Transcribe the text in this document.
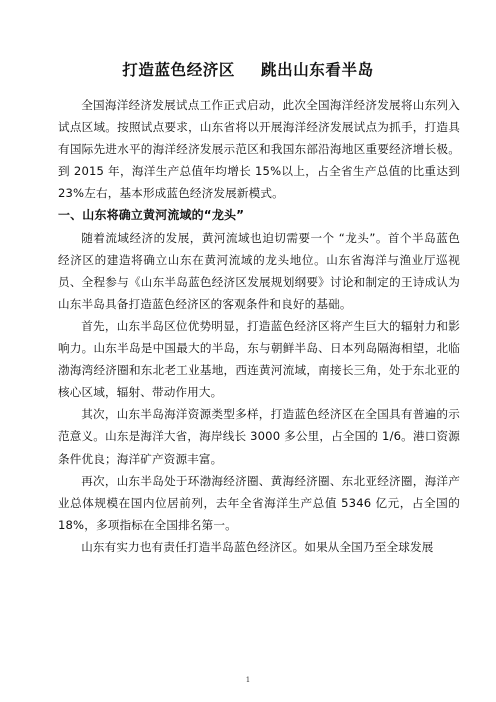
打造蓝色经济区 跳出山东看半岛

全国海洋经济发展试点工作正式启动，此次全国海洋经济发展将山东列入试点区域。按照试点要求，山东省将以开展海洋经济发展试点为抓手，打造具有国际先进水平的海洋经济发展示范区和我国东部沿海地区重要经济增长极。到 2015 年，海洋生产总值年均增长 15%以上，占全省生产总值的比重达到 23%左右，基本形成蓝色经济发展新模式。

一、山东将确立黄河流域的“龙头”

随着流域经济的发展，黄河流域也迫切需要一个 “龙头”。首个半岛蓝色经济区的建造将确立山东在黄河流域的龙头地位。山东省海洋与渔业厅巡视员、全程参与《山东半岛蓝色经济区发展规划纲要》讨论和制定的王诗成认为山东半岛具备打造蓝色经济区的客观条件和良好的基础。

首先，山东半岛区位优势明显，打造蓝色经济区将产生巨大的辐射力和影响力。山东半岛是中国最大的半岛，东与朝鲜半岛、日本列岛隔海相望，北临渤海湾经济圈和东北老工业基地，西连黄河流域，南接长三角，处于东北亚的核心区域，辐射、带动作用大。

其次，山东半岛海洋资源类型多样，打造蓝色经济区在全国具有普遍的示范意义。山东是海洋大省，海岸线长 3000 多公里，占全国的 1/6。港口资源条件优良；海洋矿产资源丰富。

再次，山东半岛处于环渤海经济圈、黄海经济圈、东北亚经济圈，海洋产业总体规模在国内位居前列，去年全省海洋生产总值 5346 亿元，占全国的 18%，多项指标在全国排名第一。

山东有实力也有责任打造半岛蓝色经济区。如果从全国乃至全球发展

1
